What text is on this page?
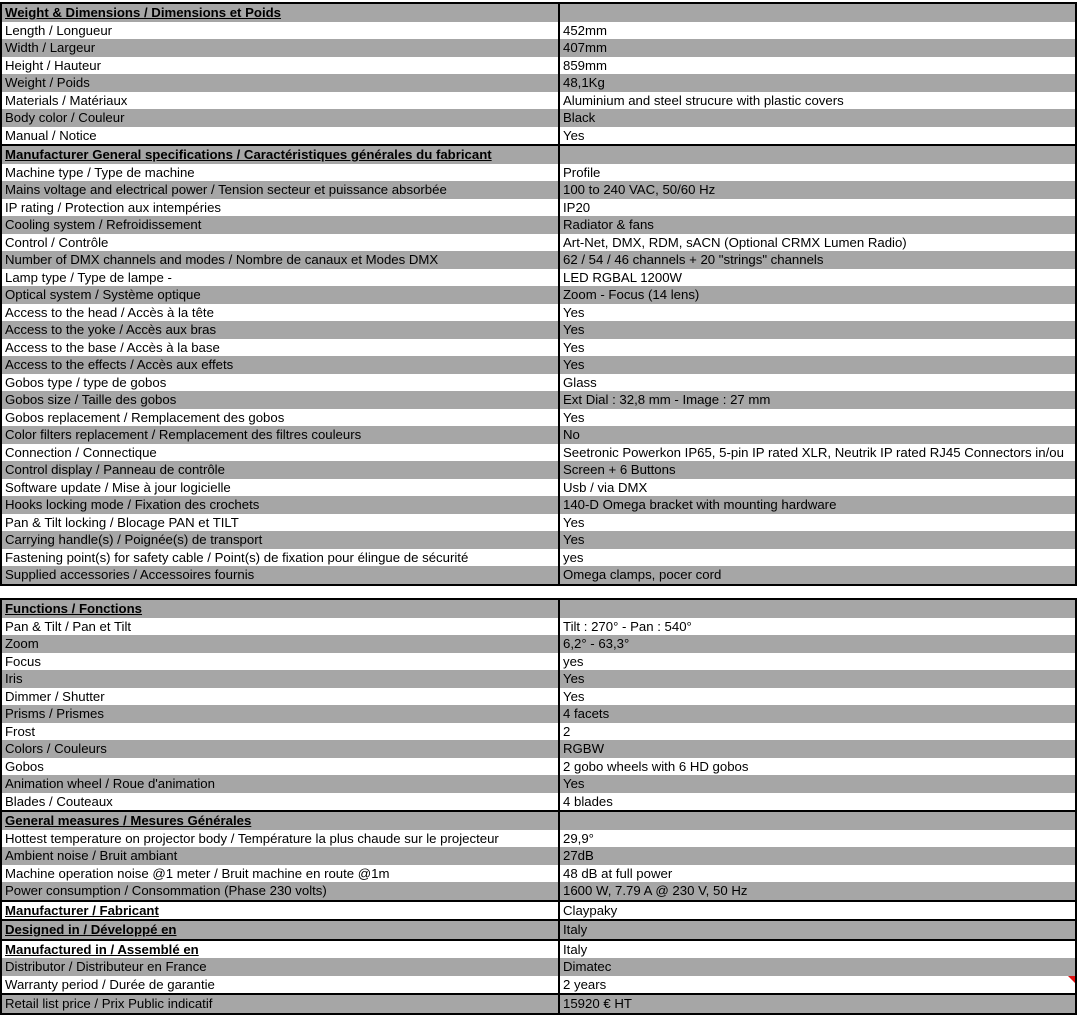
Weight & Dimensions / Dimensions et Poids
Length / Longueur	452mm
Width / Largeur	407mm
Height / Hauteur	859mm
Weight / Poids	48,1Kg
Materials / Matériaux	Aluminium and steel strucure with plastic covers
Body color / Couleur	Black
Manual / Notice	Yes
Manufacturer General specifications / Caractéristiques générales du fabricant
Machine type / Type de machine	Profile
Mains voltage and electrical power / Tension secteur et puissance absorbée	100 to 240 VAC, 50/60 Hz
IP rating / Protection aux intempéries	IP20
Cooling system / Refroidissement	Radiator & fans
Control / Contrôle	Art-Net, DMX, RDM, sACN (Optional CRMX Lumen Radio)
Number of DMX channels and modes / Nombre de canaux et Modes DMX	62 / 54 / 46 channels + 20 "strings" channels
Lamp type / Type de lampe -	LED RGBAL 1200W
Optical system / Système optique	Zoom - Focus (14 lens)
Access to the head / Accès à la tête	Yes
Access to the yoke / Accès aux bras	Yes
Access to the base / Accès à la base	Yes
Access to the effects / Accès aux effets	Yes
Gobos type / type de gobos	Glass
Gobos size / Taille des gobos	Ext Dial : 32,8 mm - Image : 27 mm
Gobos replacement / Remplacement des gobos	Yes
Color filters replacement / Remplacement des filtres couleurs	No
Connection / Connectique	Seetronic Powerkon IP65, 5-pin IP rated XLR, Neutrik IP rated RJ45 Connectors in/ou
Control display / Panneau de contrôle	Screen + 6 Buttons
Software update / Mise à jour logicielle	Usb / via DMX
Hooks locking mode / Fixation des crochets	140-D Omega bracket with mounting hardware
Pan & Tilt locking / Blocage PAN et TILT	Yes
Carrying handle(s) / Poignée(s) de transport	Yes
Fastening point(s) for safety cable / Point(s) de fixation pour élingue de sécurité	yes
Supplied accessories / Accessoires fournis	Omega clamps, pocer cord
Functions / Fonctions
Pan & Tilt / Pan et Tilt	Tilt : 270° - Pan : 540°
Zoom	6,2° - 63,3°
Focus	yes
Iris	Yes
Dimmer / Shutter	Yes
Prisms / Prismes	4 facets
Frost	2
Colors / Couleurs	RGBW
Gobos	2 gobo wheels with 6 HD gobos
Animation wheel / Roue d'animation	Yes
Blades / Couteaux	4 blades
General measures / Mesures Générales
Hottest temperature on projector body / Température la plus chaude sur le projecteur	29,9°
Ambient noise / Bruit ambiant	27dB
Machine operation noise @1 meter / Bruit machine en route @1m	48 dB at full power
Power consumption / Consommation (Phase 230 volts)	1600 W, 7.79 A @ 230 V, 50 Hz
Manufacturer / Fabricant	Claypaky
Designed in / Développé en	Italy
Manufactured in / Assemblé en	Italy
Distributor / Distributeur en France	Dimatec
Warranty period / Durée de garantie	2 years
Retail list price / Prix Public indicatif	15920 € HT
